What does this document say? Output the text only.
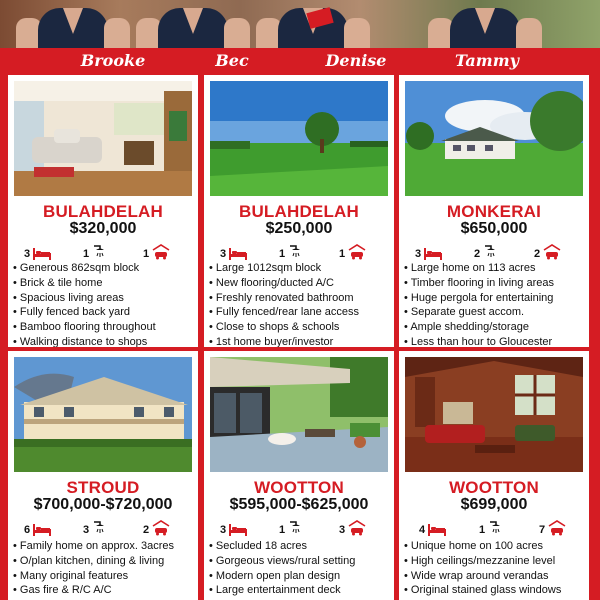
Brooke	Bec	Denise	Tammy
BULAHDELAH
$320,000
3	1	1
• Generous 862sqm block
• Brick & tile home
• Spacious living areas
• Fully fenced back yard
• Bamboo flooring throughout
• Walking distance to shops
BULAHDELAH
$250,000
3	1	1
• Large 1012sqm block
• New flooring/ducted A/C
• Freshly renovated bathroom
• Fully fenced/rear lane access
• Close to shops & schools
• 1st home buyer/investor
MONKERAI
$650,000
3	2	2
• Large home on 113 acres
• Timber flooring in living areas
• Huge pergola for entertaining
• Separate guest accom.
• Ample shedding/storage
• Less than hour to Gloucester
STROUD
$700,000-$720,000
6	3	2
• Family home on approx. 3acres
• O/plan kitchen, dining & living
• Many original features
• Gas fire & R/C A/C
WOOTTON
$595,000-$625,000
3	1	3
• Secluded 18 acres
• Gorgeous views/rural setting
• Modern open plan design
• Large entertainment deck
WOOTTON
$699,000
4	1	7
• Unique home on 100 acres
• High ceilings/mezzanine level
• Wide wrap around verandas
• Original stained glass windows
